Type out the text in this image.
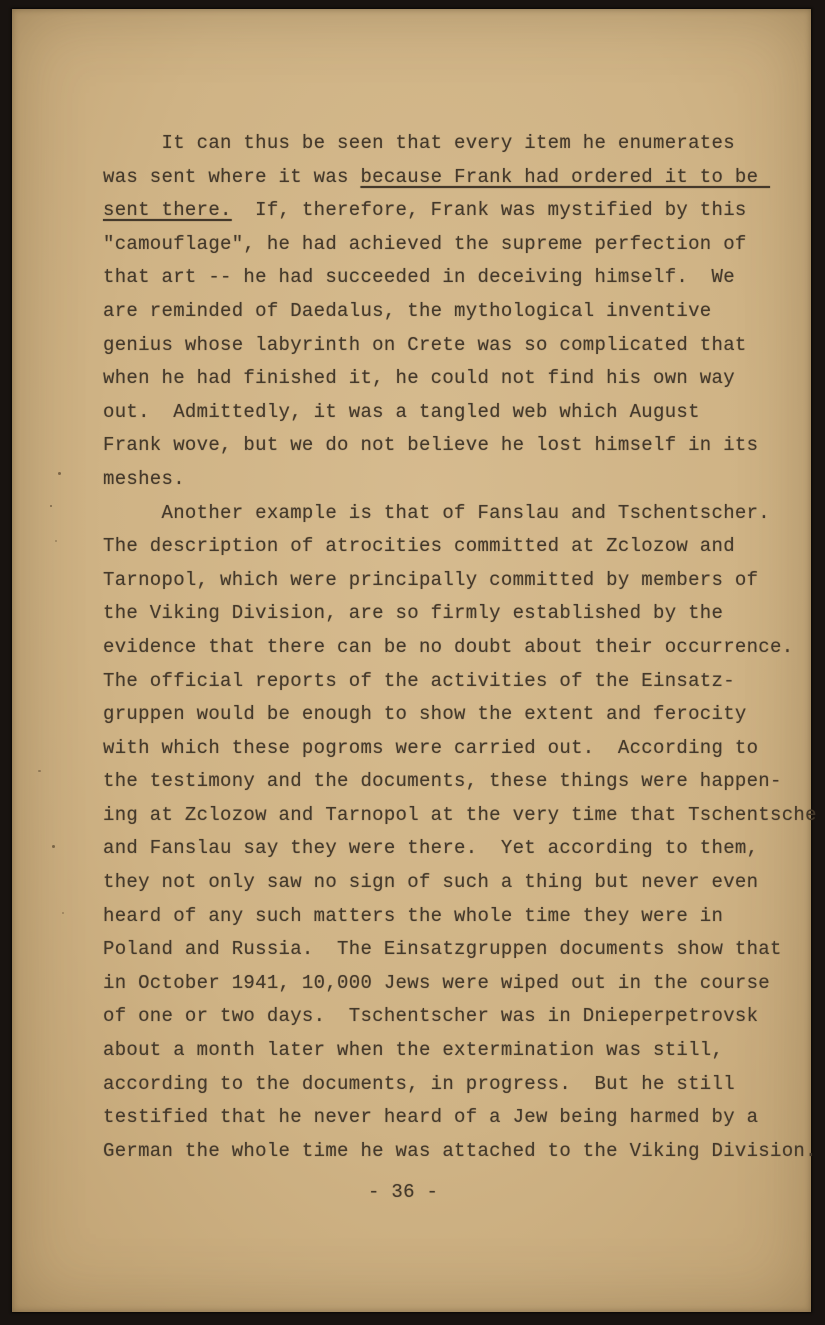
It can thus be seen that every item he enumerates
was sent where it was because Frank had ordered it to be
sent there.  If, therefore, Frank was mystified by this
"camouflage", he had achieved the supreme perfection of
that art -- he had succeeded in deceiving himself.  We
are reminded of Daedalus, the mythological inventive
genius whose labyrinth on Crete was so complicated that
when he had finished it, he could not find his own way
out.  Admittedly, it was a tangled web which August
Frank wove, but we do not believe he lost himself in its
meshes.
Another example is that of Fanslau and Tschentscher.
The description of atrocities committed at Zclozow and
Tarnopol, which were principally committed by members of
the Viking Division, are so firmly established by the
evidence that there can be no doubt about their occurrence.
The official reports of the activities of the Einsatz-
gruppen would be enough to show the extent and ferocity
with which these pogroms were carried out.  According to
the testimony and the documents, these things were happen-
ing at Zclozow and Tarnopol at the very time that Tschentsche
and Fanslau say they were there.  Yet according to them,
they not only saw no sign of such a thing but never even
heard of any such matters the whole time they were in
Poland and Russia.  The Einsatzgruppen documents show that
in October 1941, 10,000 Jews were wiped out in the course
of one or two days.  Tschentscher was in Dnieperpetrovsk
about a month later when the extermination was still,
according to the documents, in progress.  But he still
testified that he never heard of a Jew being harmed by a
German the whole time he was attached to the Viking Division.
- 36 -
